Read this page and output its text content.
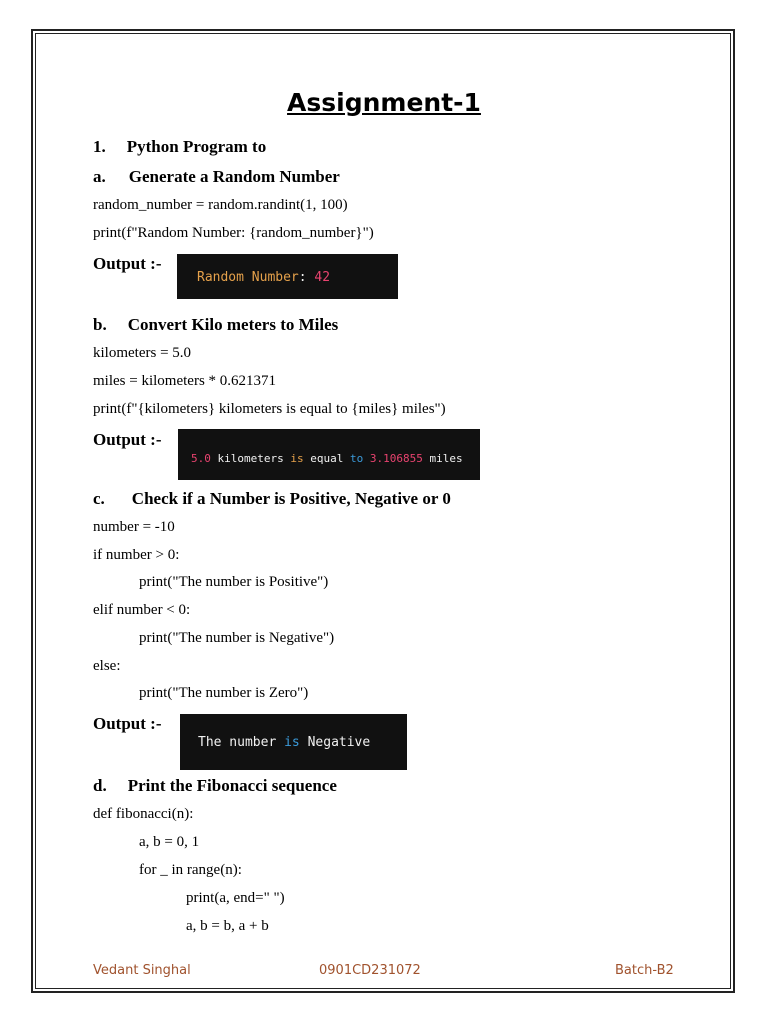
Assignment-1
1. Python Program to
a. Generate a Random Number
random_number = random.randint(1, 100)
print(f"Random Number: {random_number}")
Output :-

Random Number: 42

b. Convert Kilo meters to Miles
kilometers = 5.0
miles = kilometers * 0.621371
print(f"{kilometers} kilometers is equal to {miles} miles")
Output :-

5.0 kilometers is equal to 3.106855 miles

c. Check if a Number is Positive, Negative or 0
number = -10
if number > 0:
print("The number is Positive")
elif number < 0:
print("The number is Negative")
else:
print("The number is Zero")
Output :-

The number is Negative

d. Print the Fibonacci sequence
def fibonacci(n):
a, b = 0, 1
for _ in range(n):
print(a, end=" ")
a, b = b, a + b
Vedant Singhal	0901CD231072	Batch-B2
